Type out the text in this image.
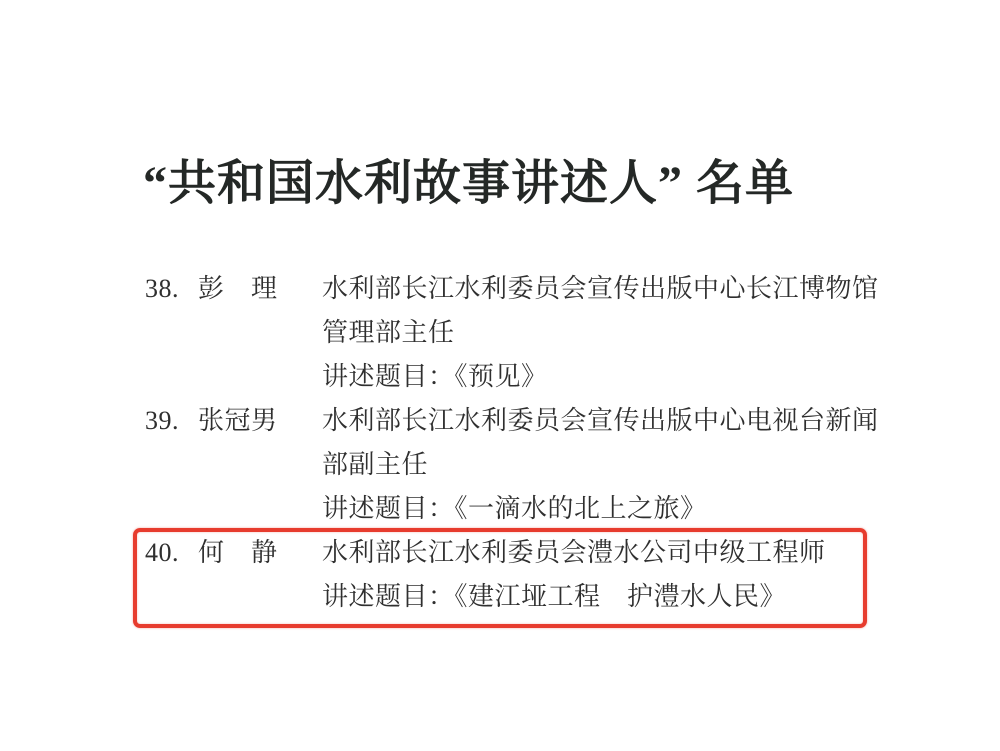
“共和国水利故事讲述人” 名单
38. 彭　理	水利部长江水利委员会宣传出版中心长江博物馆
管理部主任
讲述题目：《预见》
39. 张冠男	水利部长江水利委员会宣传出版中心电视台新闻
部副主任
讲述题目：《一滴水的北上之旅》
40. 何　静	水利部长江水利委员会澧水公司中级工程师
讲述题目：《建江垭工程　护澧水人民》
